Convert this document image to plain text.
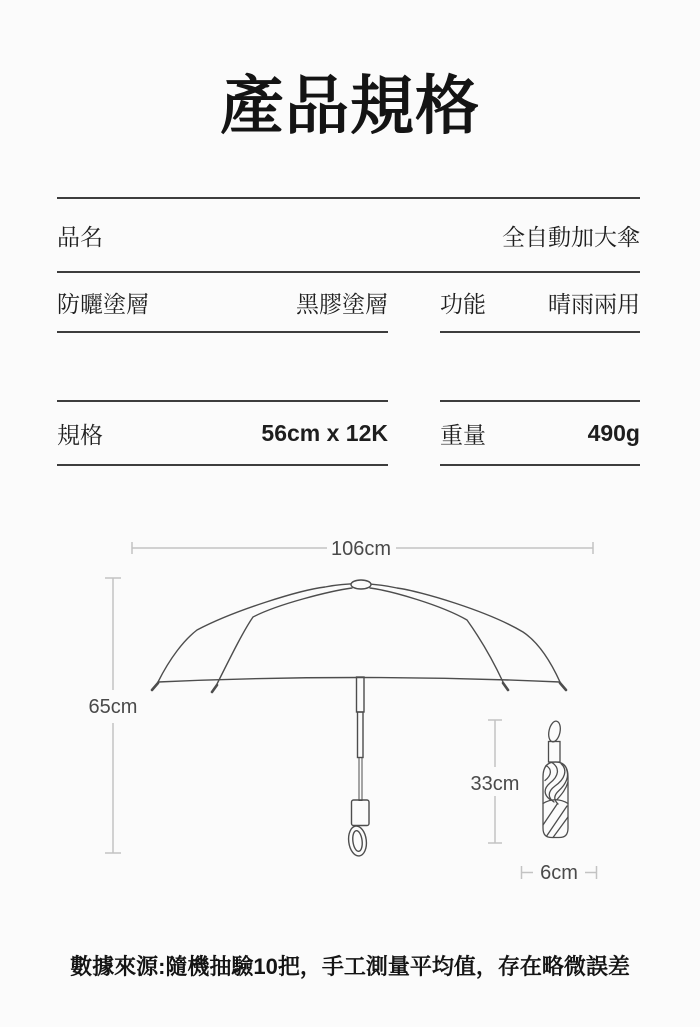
產品規格
品名	全自動加大傘
防曬塗層	黑膠塗層 功能	晴雨兩用
規格	56cm x 12K 重量	490g
106cm
65cm
33cm
6cm
數據來源:隨機抽驗10把，手工測量平均值，存在略微誤差
